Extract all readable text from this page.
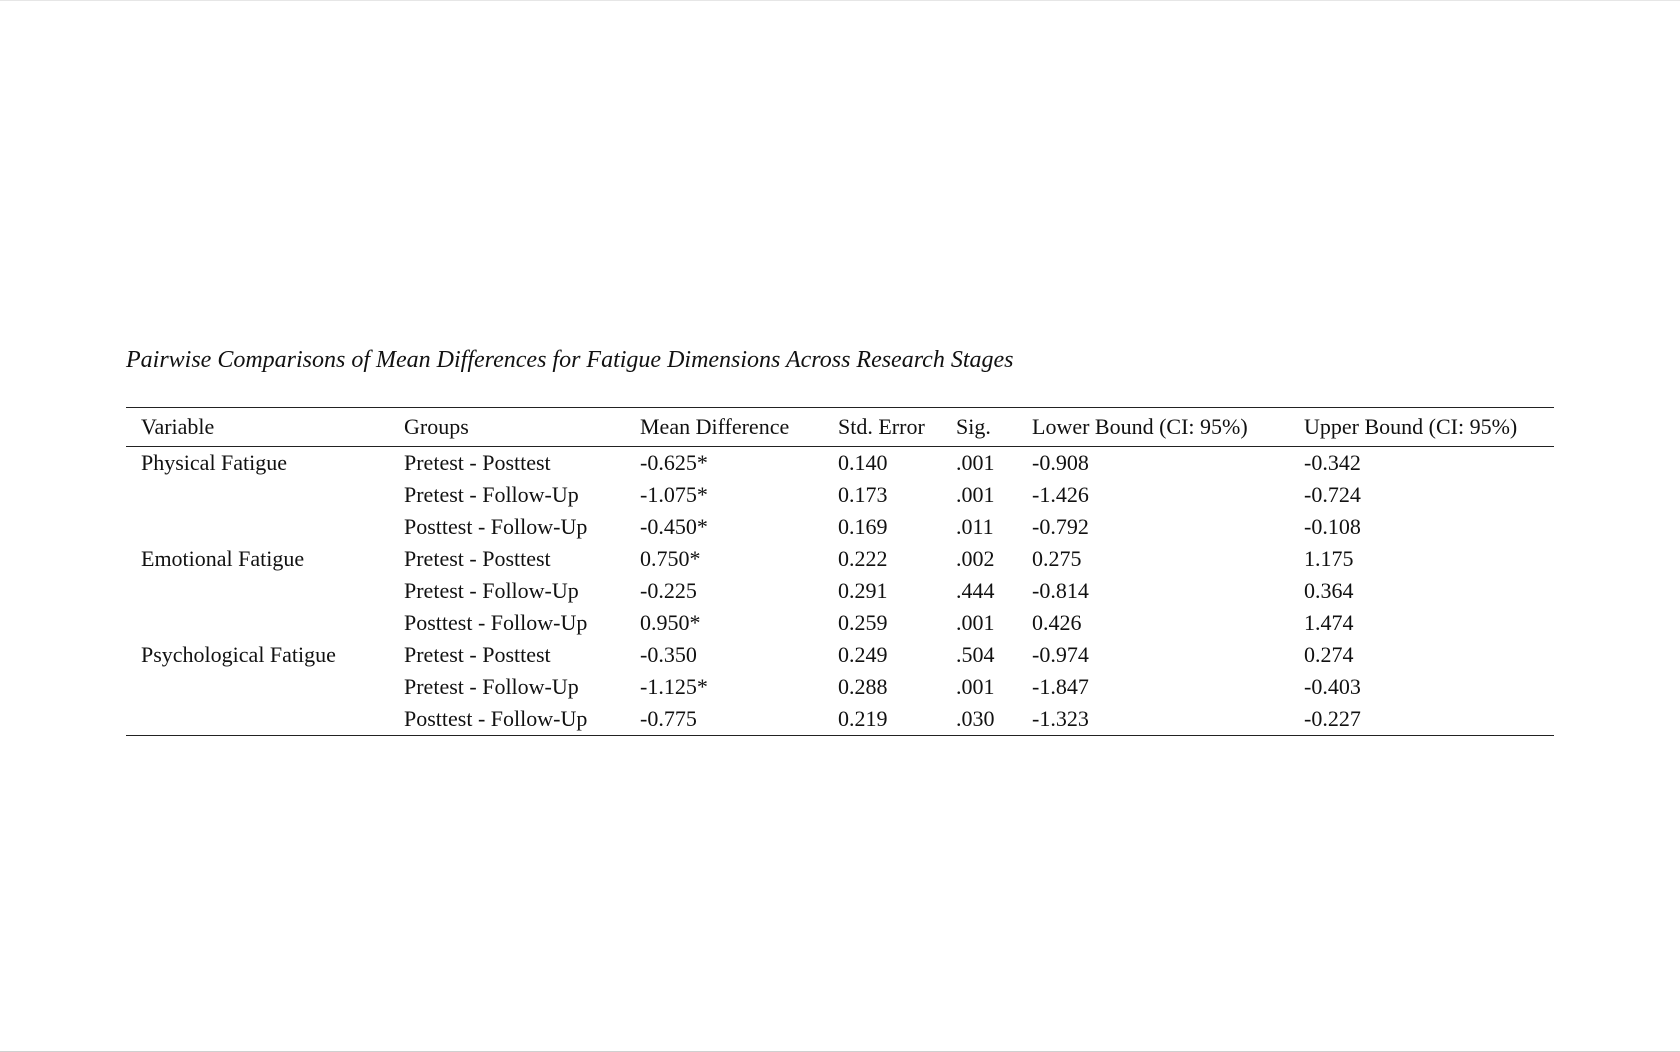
Pairwise Comparisons of Mean Differences for Fatigue Dimensions Across Research Stages
Variable	Groups	Mean Difference	Std. Error	Sig.	Lower Bound (CI: 95%)	Upper Bound (CI: 95%)
Physical Fatigue	Pretest - Posttest	-0.625*	0.140	.001	-0.908	-0.342
	Pretest - Follow-Up	-1.075*	0.173	.001	-1.426	-0.724
	Posttest - Follow-Up	-0.450*	0.169	.011	-0.792	-0.108
Emotional Fatigue	Pretest - Posttest	0.750*	0.222	.002	0.275	1.175
	Pretest - Follow-Up	-0.225	0.291	.444	-0.814	0.364
	Posttest - Follow-Up	0.950*	0.259	.001	0.426	1.474
Psychological Fatigue	Pretest - Posttest	-0.350	0.249	.504	-0.974	0.274
	Pretest - Follow-Up	-1.125*	0.288	.001	-1.847	-0.403
	Posttest - Follow-Up	-0.775	0.219	.030	-1.323	-0.227
